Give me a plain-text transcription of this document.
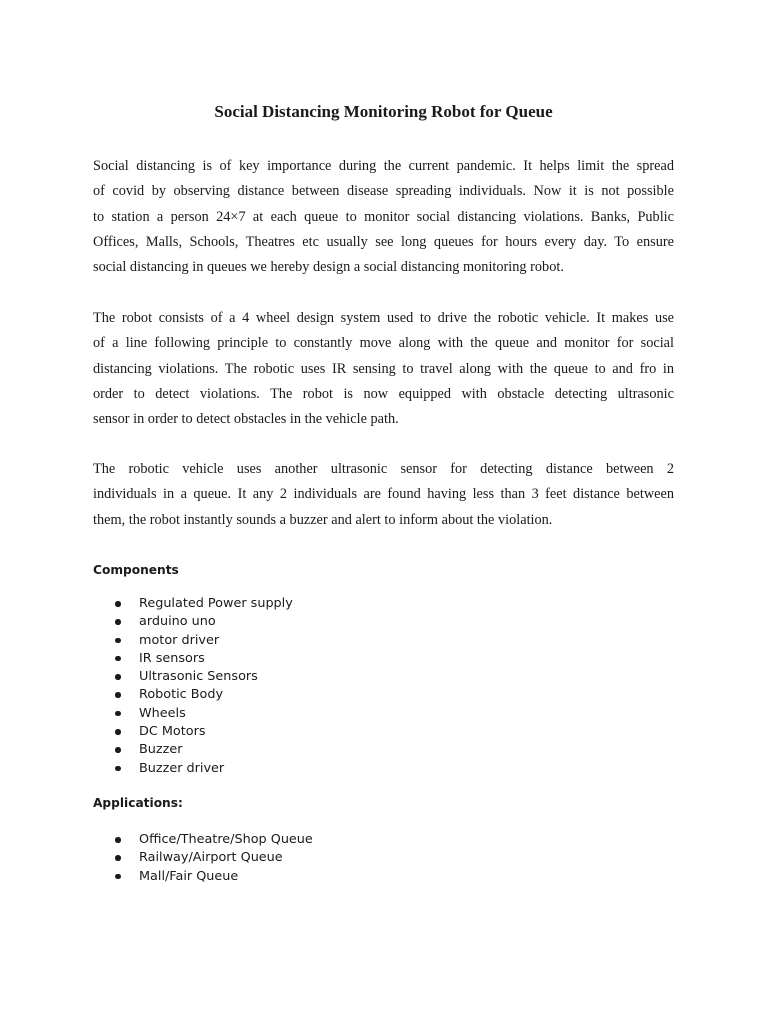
Social Distancing Monitoring Robot for Queue

Social distancing is of key importance during the current pandemic. It helps limit the spread
of covid by observing distance between disease spreading individuals. Now it is not possible
to station a person 24×7 at each queue to monitor social distancing violations. Banks, Public
Offices, Malls, Schools, Theatres etc usually see long queues for hours every day. To ensure
social distancing in queues we hereby design a social distancing monitoring robot.

The robot consists of a 4 wheel design system used to drive the robotic vehicle. It makes use
of a line following principle to constantly move along with the queue and monitor for social
distancing violations. The robotic uses IR sensing to travel along with the queue to and fro in
order to detect violations. The robot is now equipped with obstacle detecting ultrasonic
sensor in order to detect obstacles in the vehicle path.

The robotic vehicle uses another ultrasonic sensor for detecting distance between 2
individuals in a queue. It any 2 individuals are found having less than 3 feet distance between
them, the robot instantly sounds a buzzer and alert to inform about the violation.

Components
Regulated Power supply
arduino uno
motor driver
IR sensors
Ultrasonic Sensors
Robotic Body
Wheels
DC Motors
Buzzer
Buzzer driver
Applications:
Office/Theatre/Shop Queue
Railway/Airport Queue
Mall/Fair Queue
